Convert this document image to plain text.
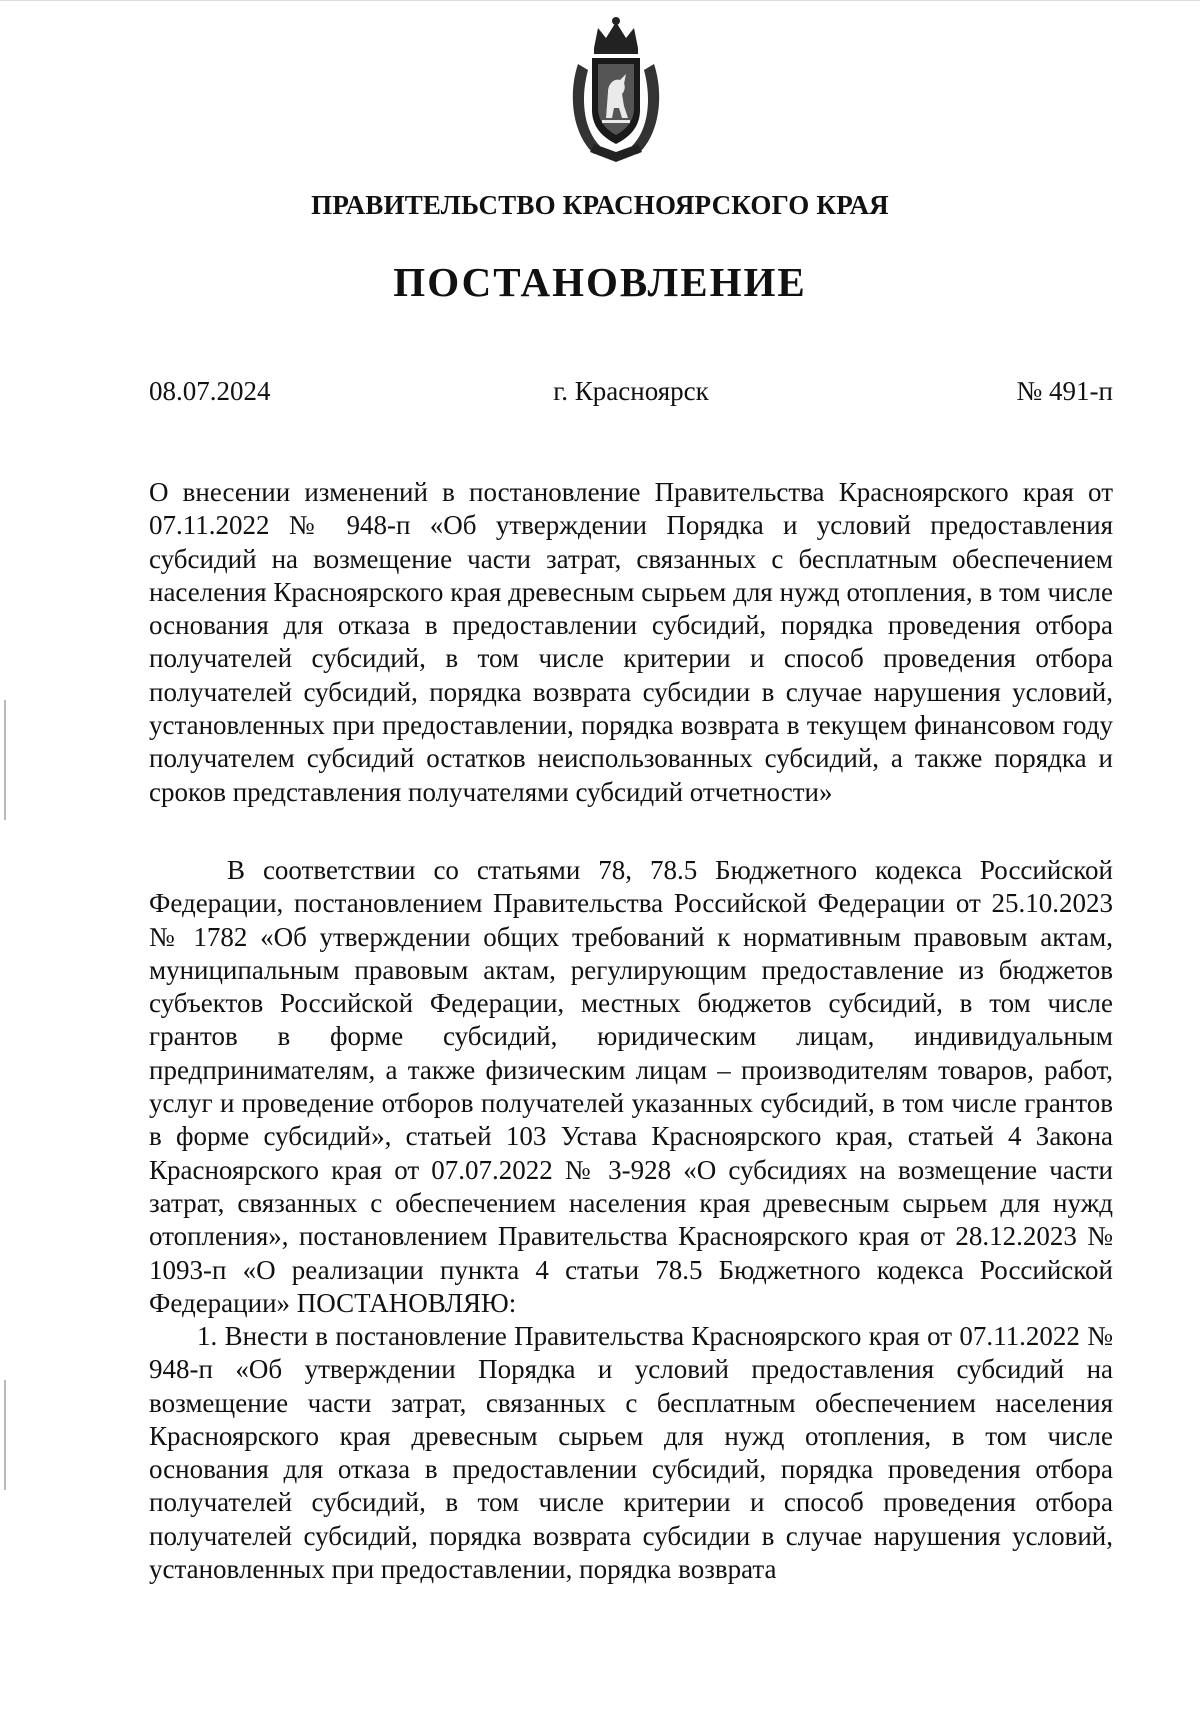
ПРАВИТЕЛЬСТВО КРАСНОЯРСКОГО КРАЯ
ПОСТАНОВЛЕНИЕ
08.07.2024	г. Красноярск	№ 491-п
О внесении изменений в постановление Правительства Красноярского края от 07.11.2022 № 948-п «Об утверждении Порядка и условий предоставления субсидий на возмещение части затрат, связанных с бесплатным обеспечением населения Красноярского края древесным сырьем для нужд отопления, в том числе основания для отказа в предоставлении субсидий, порядка проведения отбора получателей субсидий, в том числе критерии и способ проведения отбора получателей субсидий, порядка возврата субсидии в случае нарушения условий, установленных при предоставлении, порядка возврата в текущем финансовом году получателем субсидий остатков неиспользованных субсидий, а также порядка и сроков представления получателями субсидий отчетности»
В соответствии со статьями 78, 78.5 Бюджетного кодекса Российской Федерации, постановлением Правительства Российской Федерации от 25.10.2023 № 1782 «Об утверждении общих требований к нормативным правовым актам, муниципальным правовым актам, регулирующим предоставление из бюджетов субъектов Российской Федерации, местных бюджетов субсидий, в том числе грантов в форме субсидий, юридическим лицам, индивидуальным предпринимателям, а также физическим лицам – производителям товаров, работ, услуг и проведение отборов получателей указанных субсидий, в том числе грантов в форме субсидий», статьей 103 Устава Красноярского края, статьей 4 Закона Красноярского края от 07.07.2022 № 3-928 «О субсидиях на возмещение части затрат, связанных с обеспечением населения края древесным сырьем для нужд отопления», постановлением Правительства Красноярского края от 28.12.2023 № 1093-п «О реализации пункта 4 статьи 78.5 Бюджетного кодекса Российской Федерации» ПОСТАНОВЛЯЮ:
1. Внести в постановление Правительства Красноярского края от 07.11.2022 № 948-п «Об утверждении Порядка и условий предоставления субсидий на возмещение части затрат, связанных с бесплатным обеспечением населения Красноярского края древесным сырьем для нужд отопления, в том числе основания для отказа в предоставлении субсидий, порядка проведения отбора получателей субсидий, в том числе критерии и способ проведения отбора получателей субсидий, порядка возврата субсидии в случае нарушения условий, установленных при предоставлении, порядка возврата
